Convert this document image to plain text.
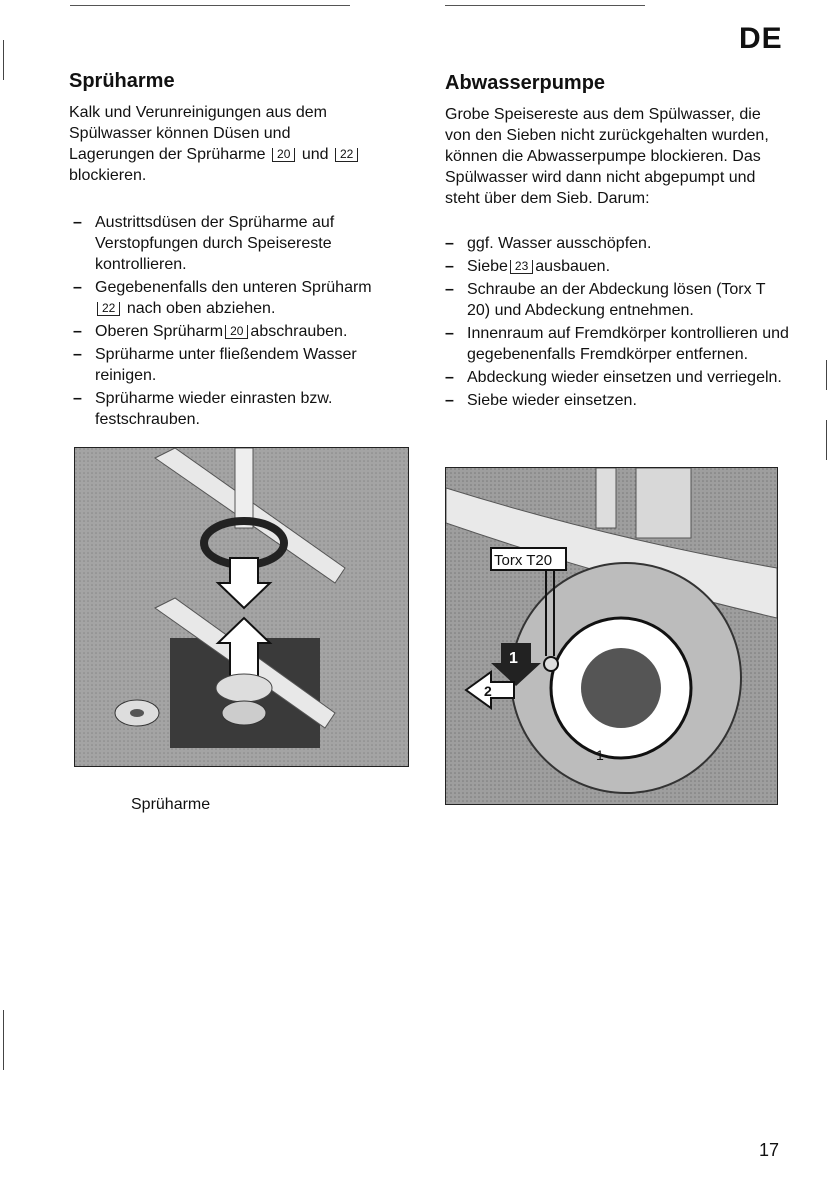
DE
Sprüharme
Kalk und Verunreinigungen aus dem
Spülwasser können Düsen und
Lagerungen der Sprüharme 20 und 22
blockieren.
– Austrittsdüsen der Sprüharme auf Verstopfungen durch Speisereste kontrollieren.
– Gegebenenfalls den unteren Sprüharm
22 nach oben abziehen.
– Oberen Sprüharm 20 abschrauben.
– Sprüharme unter fließendem Wasser reinigen.
– Sprüharme wieder einrasten bzw. festschrauben.
Sprüharme
Abwasserpumpe
Grobe Speisereste aus dem Spülwasser, die von den Sieben nicht zurückgehalten wurden, können die Abwasserpumpe blockieren. Das Spülwasser wird dann nicht abgepumpt und steht über dem Sieb. Darum:
– ggf. Wasser ausschöpfen.
– Siebe 23 ausbauen.
– Schraube an der Abdeckung lösen (Torx T 20) und Abdeckung entnehmen.
– Innenraum auf Fremdkörper kontrollieren und gegebenenfalls Fremdkörper entfernen.
– Abdeckung wieder einsetzen und verriegeln.
– Siebe wieder einsetzen.
Torx T20
1
2
1
17
